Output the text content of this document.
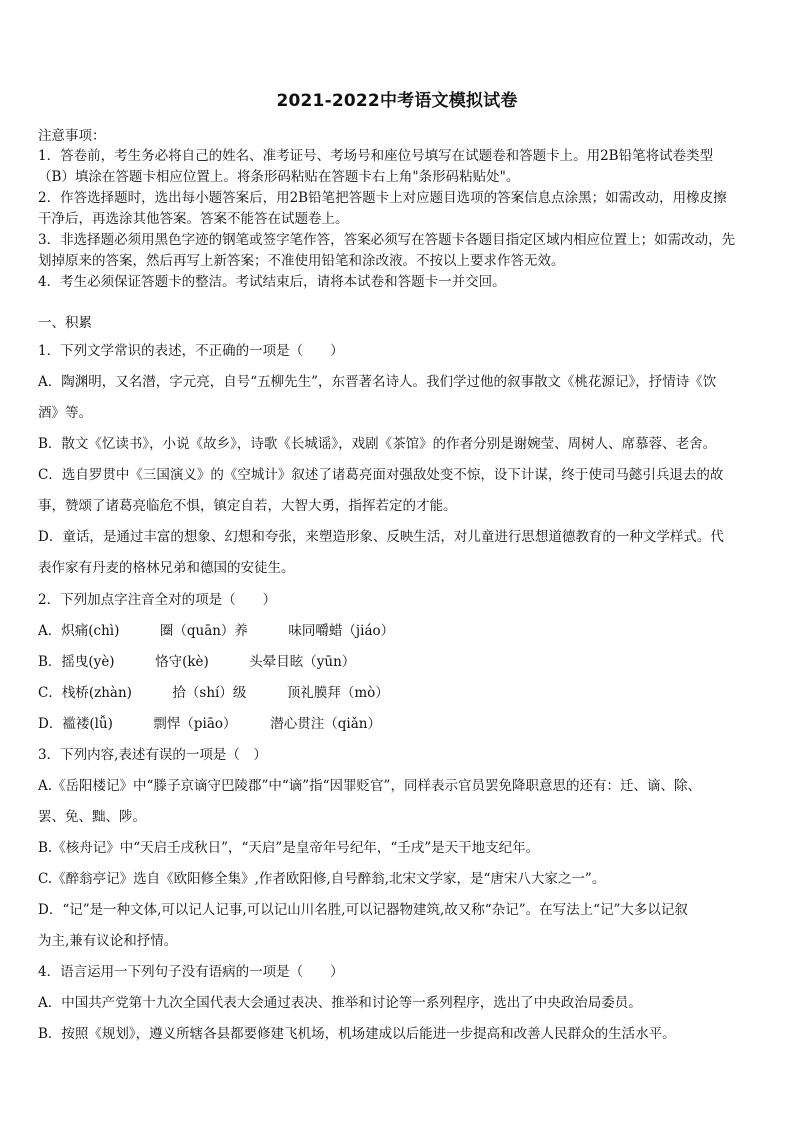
2021-2022中考语文模拟试卷
注意事项：
1．答卷前，考生务必将自己的姓名、准考证号、考场号和座位号填写在试题卷和答题卡上。用2B铅笔将试卷类型
（B）填涂在答题卡相应位置上。将条形码粘贴在答题卡右上角"条形码粘贴处"。
2．作答选择题时，选出每小题答案后，用2B铅笔把答题卡上对应题目选项的答案信息点涂黑；如需改动，用橡皮擦
干净后，再选涂其他答案。答案不能答在试题卷上。
3．非选择题必须用黑色字迹的钢笔或签字笔作答，答案必须写在答题卡各题目指定区域内相应位置上；如需改动，先
划掉原来的答案，然后再写上新答案；不准使用铅笔和涂改液。不按以上要求作答无效。
4．考生必须保证答题卡的整洁。考试结束后，请将本试卷和答题卡一并交回。
一、积累
1．下列文学常识的表述，不正确的一项是（　　）
A．陶渊明，又名潜，字元亮，自号“五柳先生”，东晋著名诗人。我们学过他的叙事散文《桃花源记》，抒情诗《饮
酒》等。
B．散文《忆读书》，小说《故乡》，诗歌《长城谣》，戏剧《茶馆》的作者分别是谢婉莹、周树人、席慕蓉、老舍。
C．选自罗贯中《三国演义》的《空城计》叙述了诸葛亮面对强敌处变不惊，设下计谋，终于使司马懿引兵退去的故
事，赞颂了诸葛亮临危不惧，镇定自若，大智大勇，指挥若定的才能。
D．童话，是通过丰富的想象、幻想和夸张，来塑造形象、反映生活，对儿童进行思想道德教育的一种文学样式。代
表作家有丹麦的格林兄弟和德国的安徒生。
2．下列加点字注音全对的项是（　　）
A．炽痛(chì)　　　圈（quān）养　　　味同嚼蜡（jiáo）
B．摇曳(yè)　　　恪守(kè)　　　头晕目眩（yūn）
C．栈桥(zhàn)　　　拾（shí）级　　　顶礼膜拜（mò）
D．褴褛(lǚ)　　　剽悍（piāo）　　　潜心贯注（qiǎn）
3．下列内容,表述有误的一项是（　）
A.《岳阳楼记》中“滕子京谪守巴陵郡”中“谪”指“因罪贬官”，同样表示官员罢免降职意思的还有：迁、谪、除、
罢、免、黜、陟。
B.《核舟记》中“天启壬戌秋日”，“天启”是皇帝年号纪年，“壬戌”是天干地支纪年。
C.《醉翁亭记》选自《欧阳修全集》,作者欧阳修,自号醉翁,北宋文学家，是“唐宋八大家之一”。
D．“记”是一种文体,可以记人记事,可以记山川名胜,可以记器物建筑,故又称“杂记”。在写法上“记”大多以记叙
为主,兼有议论和抒情。
4．语言运用一下列句子没有语病的一项是（　　）
A．中国共产党第十九次全国代表大会通过表决、推举和讨论等一系列程序，选出了中央政治局委员。
B．按照《规划》，遵义所辖各县都要修建飞机场，机场建成以后能进一步提高和改善人民群众的生活水平。
